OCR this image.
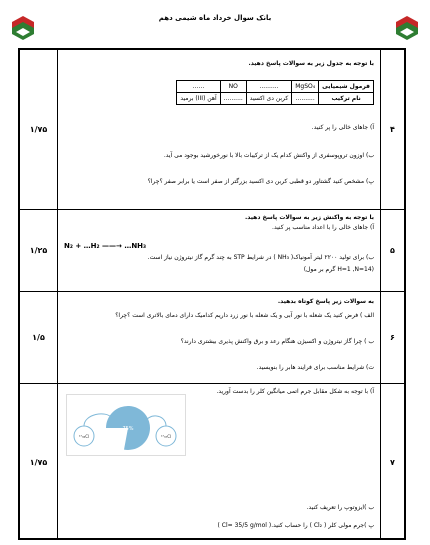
بانک سوال خرداد ماه شیمی دهم
۴
۱/۷۵
با توجه به جدول زیر به سوالات پاسخ دهید.
فرمول شیمیایی	MgSO₄	..........	NO	......
نام ترکیب	..........	کربن دی اکسید	..........	آهن (III) برمید
آ) جاهای خالی را پر کنید.
ب) اوزون تروپوسفری از واکنش کدام یک از ترکیبات بالا با نورخورشید بوجود می آید.
پ) مشخص کنید گشتاور دو قطبی کربن دی اکسید بزرگتر از صفر است یا برابر صفر ؟چرا؟
۵
۱/۲۵
با توجه به واکنش زیر به سوالات پاسخ دهید.
آ) جاهای خالی را با اعداد مناسب پر کنید.
N₂ + …H₂ ——→ …NH₃
ب) برای تولید ۲۲۰۰ لیتر آمونیاک( NH₃ ) در شرایط STP به چند گرم گاز نیتروژن نیاز است.
(H=1 ,N=14 گرم بر مول)
۶
۱/۵
به سوالات زیر پاسخ کوتاه بدهید.
الف ) فرض کنید یک شعله با نور آبی و یک شعله با نور زرد داریم کدامیک دارای دمای بالاتری است ؟چرا؟
ب ) چرا گاز نیتروژن و اکسیژن هنگام رعد و برق واکنش پذیری بیشتری دارند؟
ت) شرایط مناسب برای فرایند هابر را بنویسید.
۷
۱/۷۵
آ) با توجه به شکل مقابل جرم اتمی میانگین کلر را بدست آورید.
75%
¹⁷₃₅Cl	¹⁷₃₇Cl
ب )ایزوتوپ را تعریف کنید.
پ )جرم مولی کلر ( Cl₂ ) را حساب کنید.( Cl= 35/5 g/mol )
